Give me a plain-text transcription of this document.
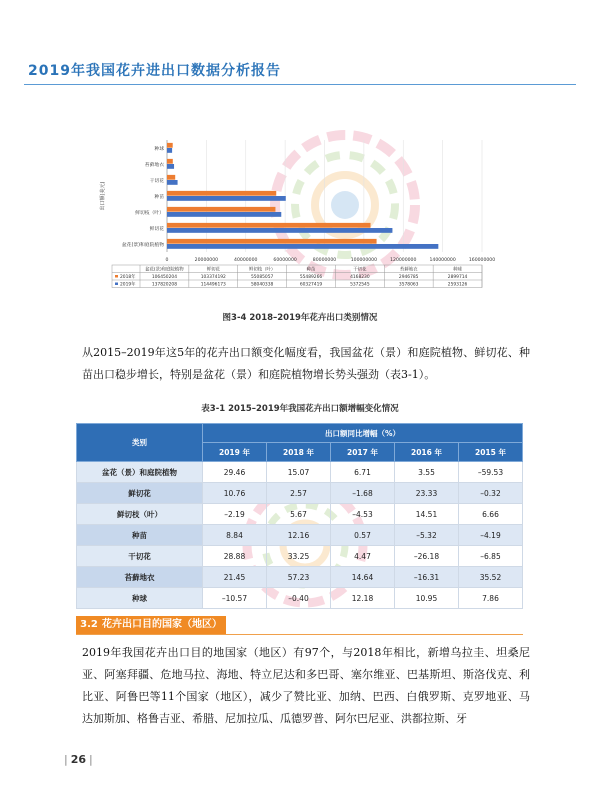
2019年我国花卉进出口数据分析报告
0	20000000	40000000	60000000	80000000	100000000	120000000	140000000	160000000
盆花(景)和庭院植物
鲜切花
鲜切枝（叶）
种苗
干切花
苔藓地衣
种球
出口额(美元)
盆花(景)和庭院植物	鲜切花	鲜切枝（叶）	种苗	干切花	苔藓地衣	种球
2018年	106450204	103374192	55085057	55489266	4168230	2946785	2899714
2019年	137820208	114496173	58040338	60327419	5372545	3578063	2593126
图3-4 2018–2019年花卉出口类别情况
从2015–2019年这5年的花卉出口额变化幅度看，我国盆花（景）和庭院植物、鲜切花、种苗出口稳步增长，特别是盆花（景）和庭院植物增长势头强劲（表3-1）。
表3-1 2015–2019年我国花卉出口额增幅变化情况
类别	出口额同比增幅（%）				
	2019 年	2018 年	2017 年	2016 年	2015 年
盆花（景）和庭院植物	29.46	15.07	6.71	3.55	–59.53
鲜切花	10.76	2.57	–1.68	23.33	–0.32
鲜切枝（叶）	–2.19	5.67	–4.53	14.51	6.66
种苗	8.84	12.16	0.57	–5.32	–4.19
干切花	28.88	33.25	4.47	–26.18	–6.85
苔藓地衣	21.45	57.23	14.64	–16.31	35.52
种球	–10.57	–0.40	12.18	10.95	7.86
3.2 花卉出口目的国家（地区）情况
2019年我国花卉出口目的地国家（地区）有97个，与2018年相比，新增乌拉圭、坦桑尼亚、阿塞拜疆、危地马拉、海地、特立尼达和多巴哥、塞尔维亚、巴基斯坦、斯洛伐克、利比亚、阿鲁巴等11个国家（地区），减少了赞比亚、加纳、巴西、白俄罗斯、克罗地亚、马达加斯加、格鲁吉亚、希腊、尼加拉瓜、瓜德罗普、阿尔巴尼亚、洪都拉斯、牙
| 26 |
